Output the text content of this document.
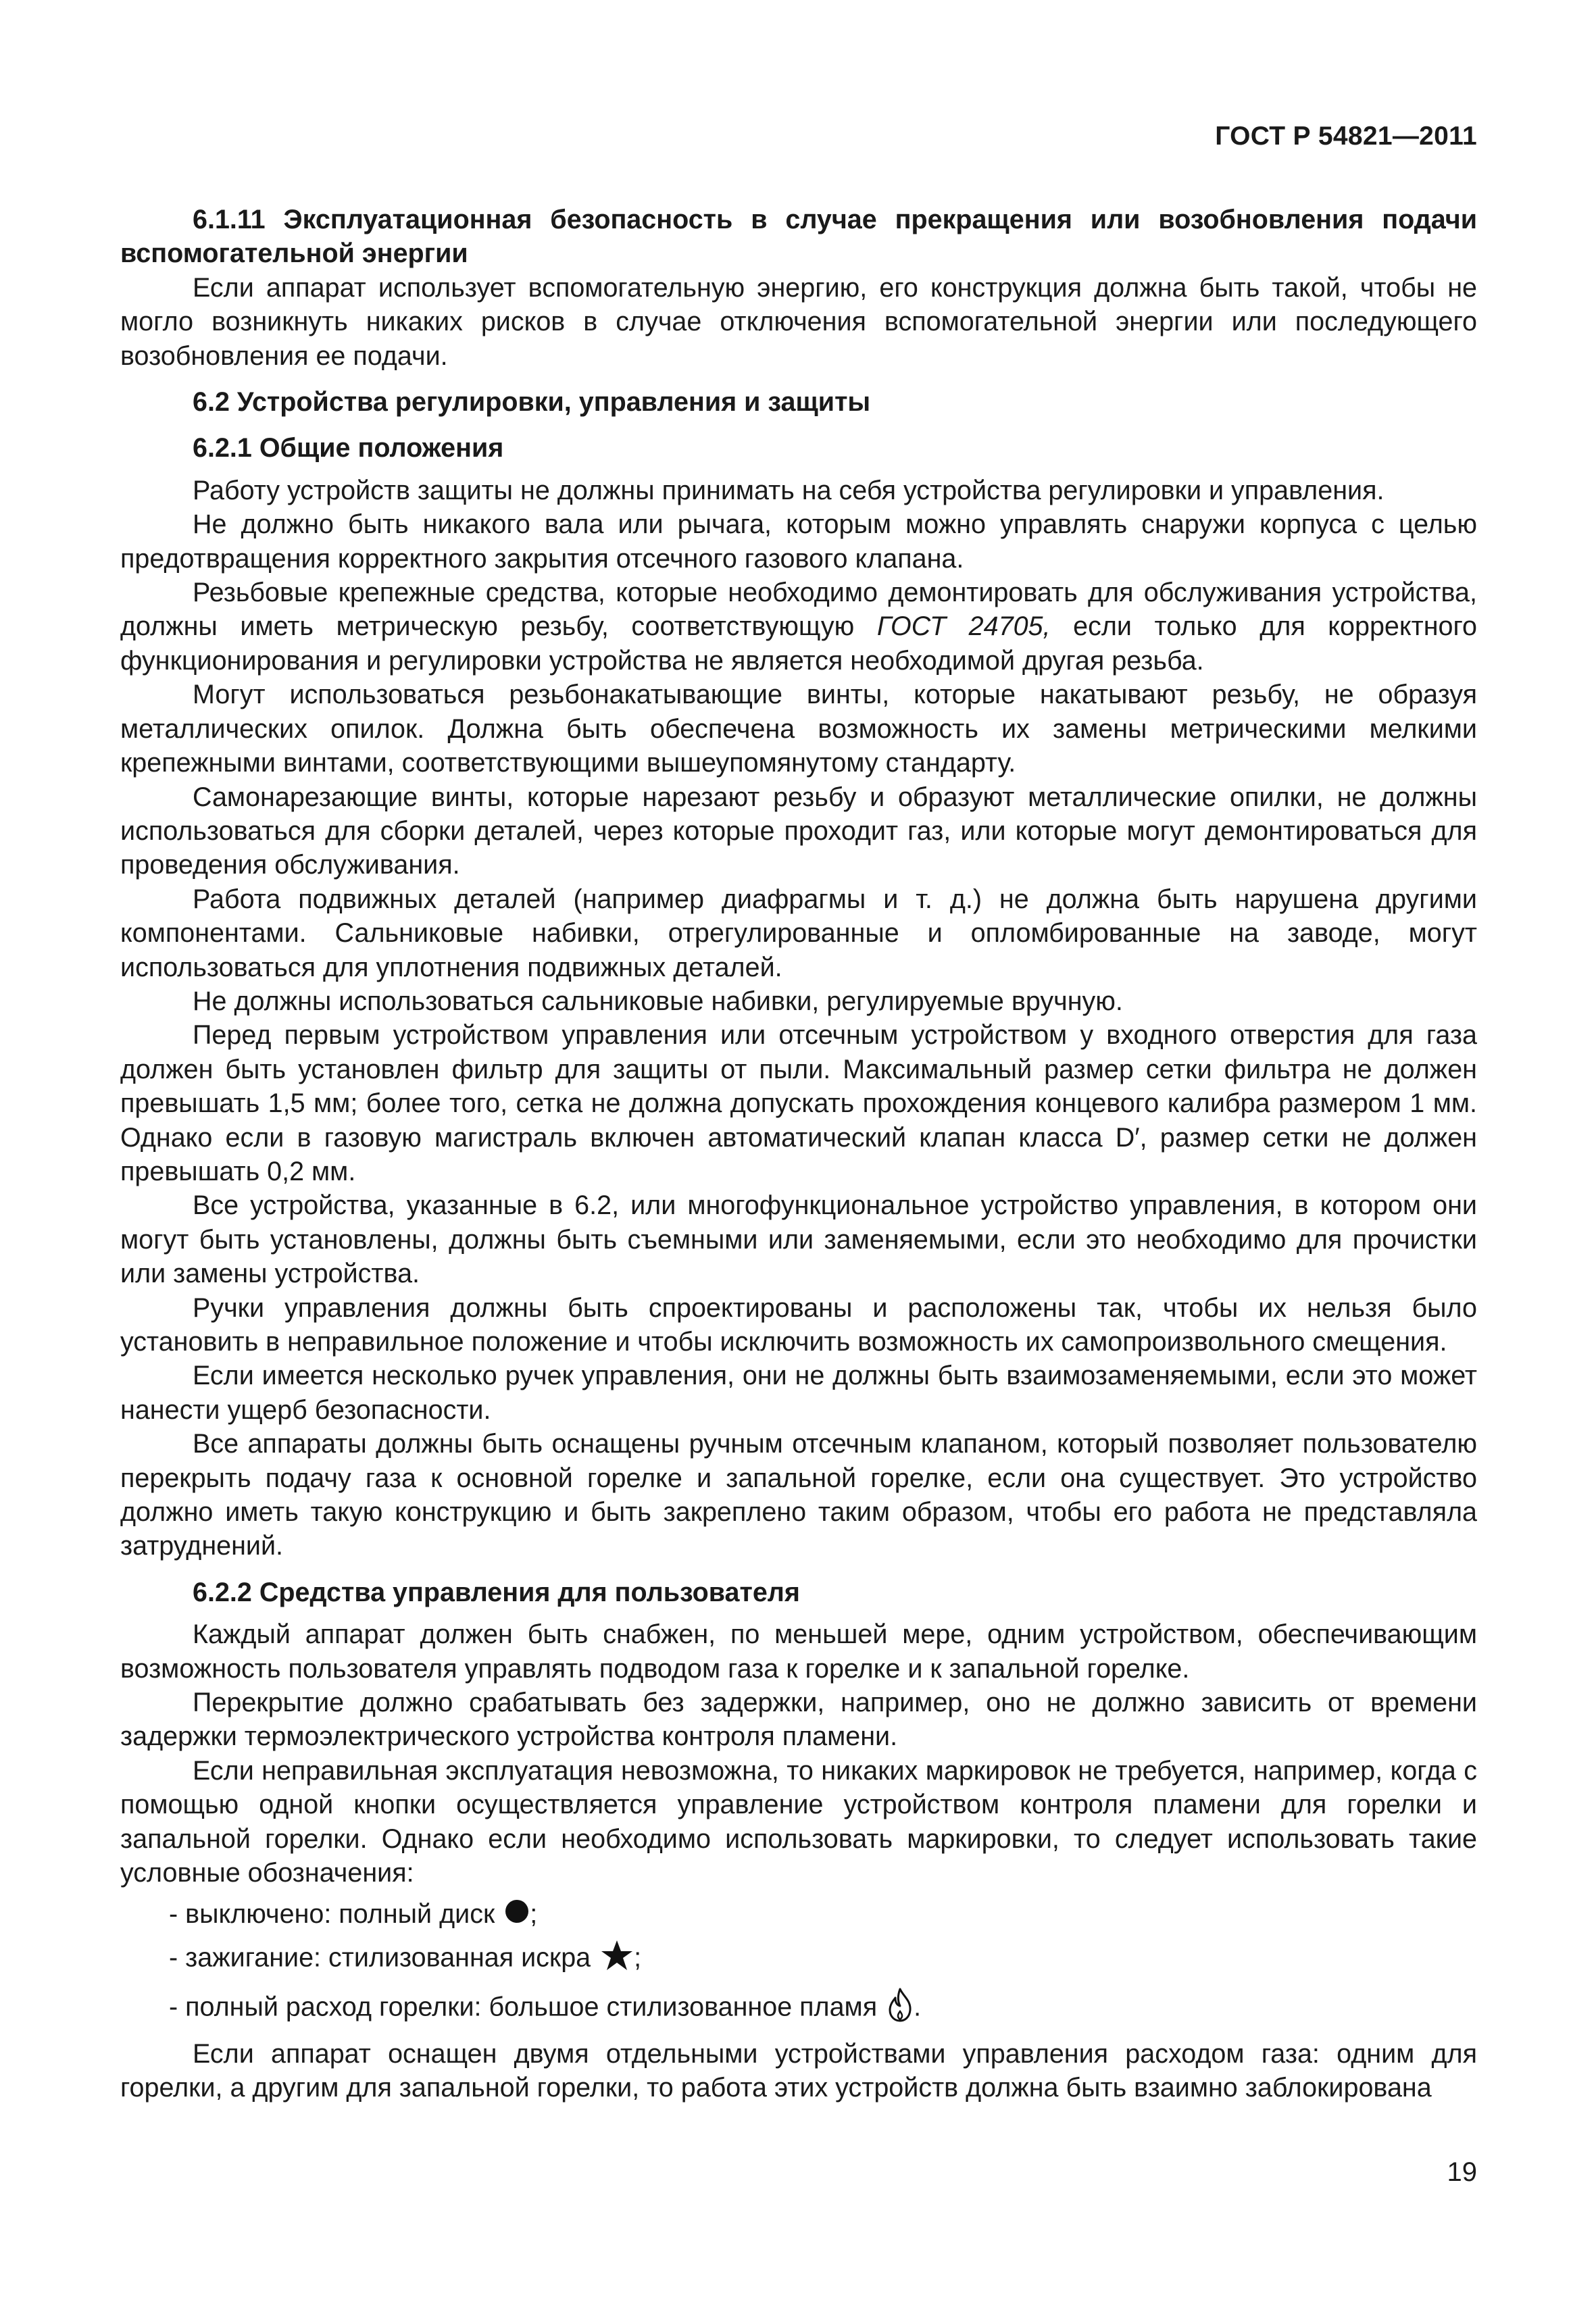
ГОСТ Р 54821—2011

6.1.11 Эксплуатационная безопасность в случае прекращения или возобновления подачи вспомогательной энергии

Если аппарат использует вспомогательную энергию, его конструкция должна быть такой, чтобы не могло возникнуть никаких рисков в случае отключения вспомогательной энергии или последующего возобновления ее подачи.

6.2 Устройства регулировки, управления и защиты

6.2.1 Общие положения

Работу устройств защиты не должны принимать на себя устройства регулировки и управления.

Не должно быть никакого вала или рычага, которым можно управлять снаружи корпуса с целью предотвращения корректного закрытия отсечного газового клапана.

Резьбовые крепежные средства, которые необходимо демонтировать для обслуживания устройства, должны иметь метрическую резьбу, соответствующую ГОСТ 24705, если только для корректного функционирования и регулировки устройства не является необходимой другая резьба.

Могут использоваться резьбонакатывающие винты, которые накатывают резьбу, не образуя металлических опилок. Должна быть обеспечена возможность их замены метрическими мелкими крепежными винтами, соответствующими вышеупомянутому стандарту.

Самонарезающие винты, которые нарезают резьбу и образуют металлические опилки, не должны использоваться для сборки деталей, через которые проходит газ, или которые могут демонтироваться для проведения обслуживания.

Работа подвижных деталей (например диафрагмы и т. д.) не должна быть нарушена другими компонентами. Сальниковые набивки, отрегулированные и опломбированные на заводе, могут использоваться для уплотнения подвижных деталей.

Не должны использоваться сальниковые набивки, регулируемые вручную.

Перед первым устройством управления или отсечным устройством у входного отверстия для газа должен быть установлен фильтр для защиты от пыли. Максимальный размер сетки фильтра не должен превышать 1,5 мм; более того, сетка не должна допускать прохождения концевого калибра размером 1 мм. Однако если в газовую магистраль включен автоматический клапан класса D′, размер сетки не должен превышать 0,2 мм.

Все устройства, указанные в 6.2, или многофункциональное устройство управления, в котором они могут быть установлены, должны быть съемными или заменяемыми, если это необходимо для прочистки или замены устройства.

Ручки управления должны быть спроектированы и расположены так, чтобы их нельзя было установить в неправильное положение и чтобы исключить возможность их самопроизвольного смещения.

Если имеется несколько ручек управления, они не должны быть взаимозаменяемыми, если это может нанести ущерб безопасности.

Все аппараты должны быть оснащены ручным отсечным клапаном, который позволяет пользователю перекрыть подачу газа к основной горелке и запальной горелке, если она существует. Это устройство должно иметь такую конструкцию и быть закреплено таким образом, чтобы его работа не представляла затруднений.

6.2.2 Средства управления для пользователя

Каждый аппарат должен быть снабжен, по меньшей мере, одним устройством, обеспечивающим возможность пользователя управлять подводом газа к горелке и к запальной горелке.

Перекрытие должно срабатывать без задержки, например, оно не должно зависить от времени задержки термоэлектрического устройства контроля пламени.

Если неправильная эксплуатация невозможна, то никаких маркировок не требуется, например, когда с помощью одной кнопки осуществляется управление устройством контроля пламени для горелки и запальной горелки. Однако если необходимо использовать маркировки, то следует использовать такие условные обозначения:

- выключено: полный диск ;

- зажигание: стилизованная искра ;

- полный расход горелки: большое стилизованное пламя .

Если аппарат оснащен двумя отдельными устройствами управления расходом газа: одним для горелки, а другим для запальной горелки, то работа этих устройств должна быть взаимно заблокирована

19
